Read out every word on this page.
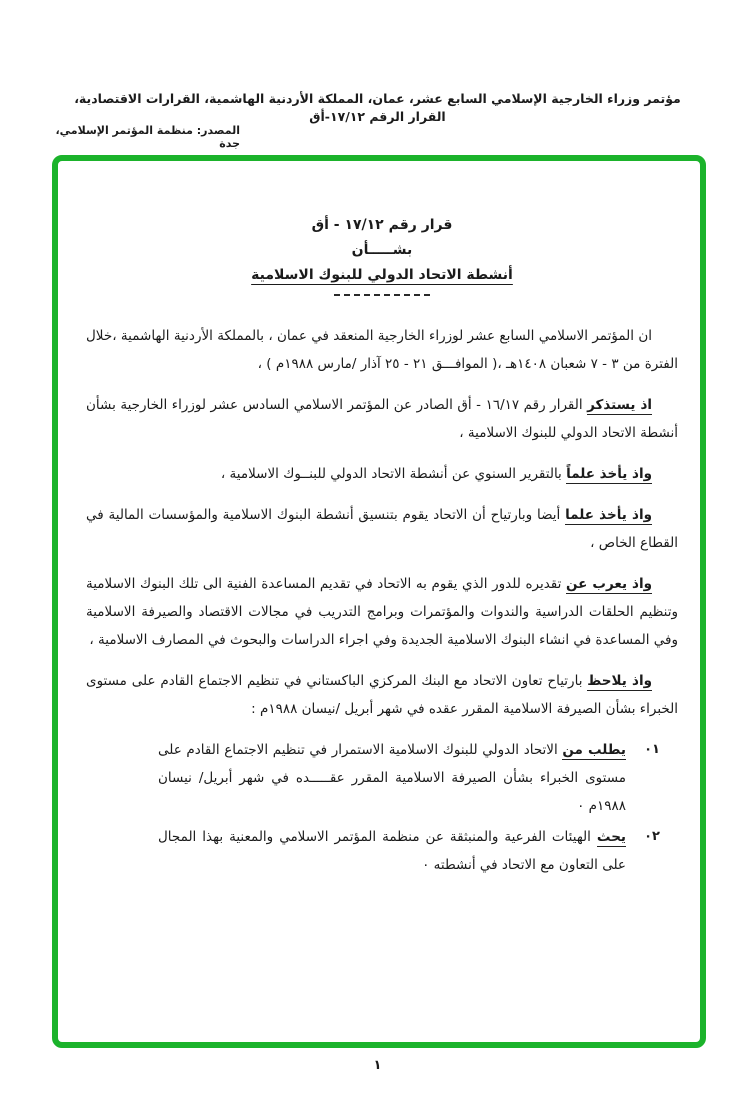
مؤتمر وزراء الخارجية الإسلامي السابع عشر، عمان، المملكة الأردنية الهاشمية، القرارات الاقتصادية، القرار الرقم ١٧/١٢-أق
المصدر: منظمة المؤتمر الإسلامي، جدة
قرار رقم ١٧/١٢ - أق
بشـــــأن
أنشطة الاتحاد الدولي للبنوك الاسلامية
ان المؤتمر الاسلامي السابع عشر لوزراء الخارجية المنعقد في عمان ، بالمملكة الأردنية الهاشمية ،خلال الفترة من ٣ - ٧ شعبان ١٤٠٨هـ ،( الموافـــق ٢١ - ٢٥ آذار /مارس ١٩٨٨م ) ،
اذ يستذكر القرار رقم ١٦/١٧ - أق الصادر عن المؤتمر الاسلامي السادس عشر لوزراء الخارجية بشأن أنشطة الاتحاد الدولي للبنوك الاسلامية ،
واذ يأخذ علماً بالتقرير السنوي عن أنشطة الاتحاد الدولي للبنــوك الاسلامية ،
واذ يأخذ علما أيضا وبارتياح أن الاتحاد يقوم بتنسيق أنشطة البنوك الاسلامية والمؤسسات المالية في القطاع الخاص ،
واذ يعرب عن تقديره للدور الذي يقوم به الاتحاد في تقديم المساعدة الفنية الى تلك البنوك الاسلامية وتنظيم الحلقات الدراسية والندوات والمؤتمرات وبرامج التدريب في مجالات الاقتصاد والصيرفة الاسلامية وفي المساعدة في انشاء البنوك الاسلامية الجديدة وفي اجراء الدراسات والبحوث في المصارف الاسلامية ،
واذ يلاحظ بارتياح تعاون الاتحاد مع البنك المركزي الباكستاني في تنظيم الاجتماع القادم على مستوى الخبراء بشأن الصيرفة الاسلامية المقرر عقده في شهر أبريل /نيسان ١٩٨٨م :
٠١
يطلب من الاتحاد الدولي للبنوك الاسلامية الاستمرار في تنظيم الاجتماع القادم على مستوى الخبراء بشأن الصيرفة الاسلامية المقرر عقـــــده في شهر أبريل/ نيسان ١٩٨٨م ٠
٠٢
يحث الهيئات الفرعية والمنبثقة عن منظمة المؤتمر الاسلامي والمعنية بهذا المجال على التعاون مع الاتحاد في أنشطته ٠
١
